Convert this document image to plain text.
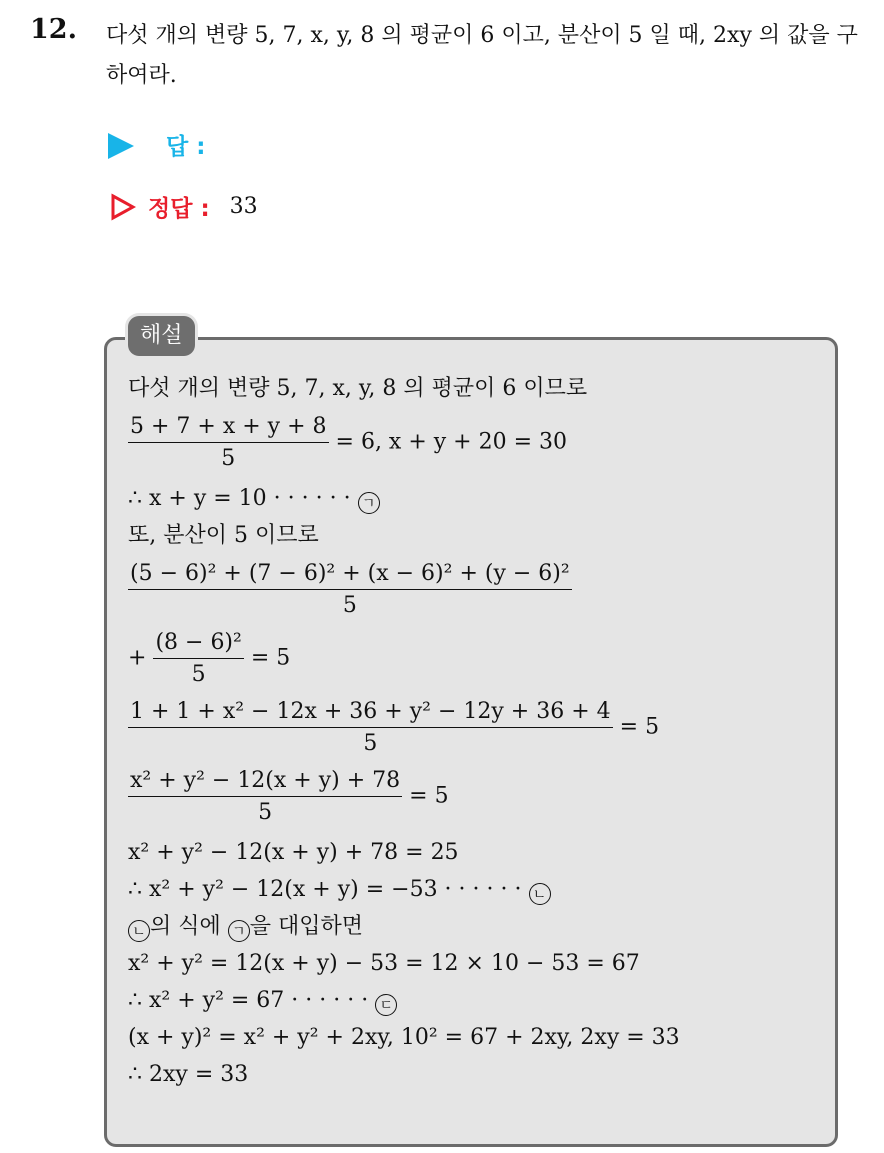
12. 다섯 개의 변량 5, 7, x, y, 8 의 평균이 6 이고, 분산이 5 일 때, 2xy 의 값을 구하여라.
답 :
정답 : 33
해설
다섯 개의 변량 5, 7, x, y, 8 의 평균이 6 이므로
$\frac{5 + 7 + x + y + 8}{5} = 6$, x + y + 20 = 30
∴ x + y = 10 · · · · · · ㄱ
또, 분산이 5 이므로
$\frac{\text{(5 − 6)² + (7 − 6)² + (x − 6)² + (y − 6)²}}{5}$
+ $\frac{\text{(8 − 6)²}}{5} = 5$
$\frac{\text{1 + 1 + x² − 12x + 36 + y² − 12y + 36 + 4}}{5} = 5$
$\frac{\text{x² + y² − 12(x + y) + 78}}{5} = 5$
x² + y² − 12(x + y) + 78 = 25
∴ x² + y² − 12(x + y) = −53 · · · · · · ㄴ
ㄴ 의 식에 ㄱ 을 대입하면
x² + y² = 12(x + y) − 53 = 12 × 10 − 53 = 67
∴ x² + y² = 67 · · · · · · ㄷ
(x + y)² = x² + y² + 2xy, 10² = 67 + 2xy, 2xy = 33
∴ 2xy = 33
